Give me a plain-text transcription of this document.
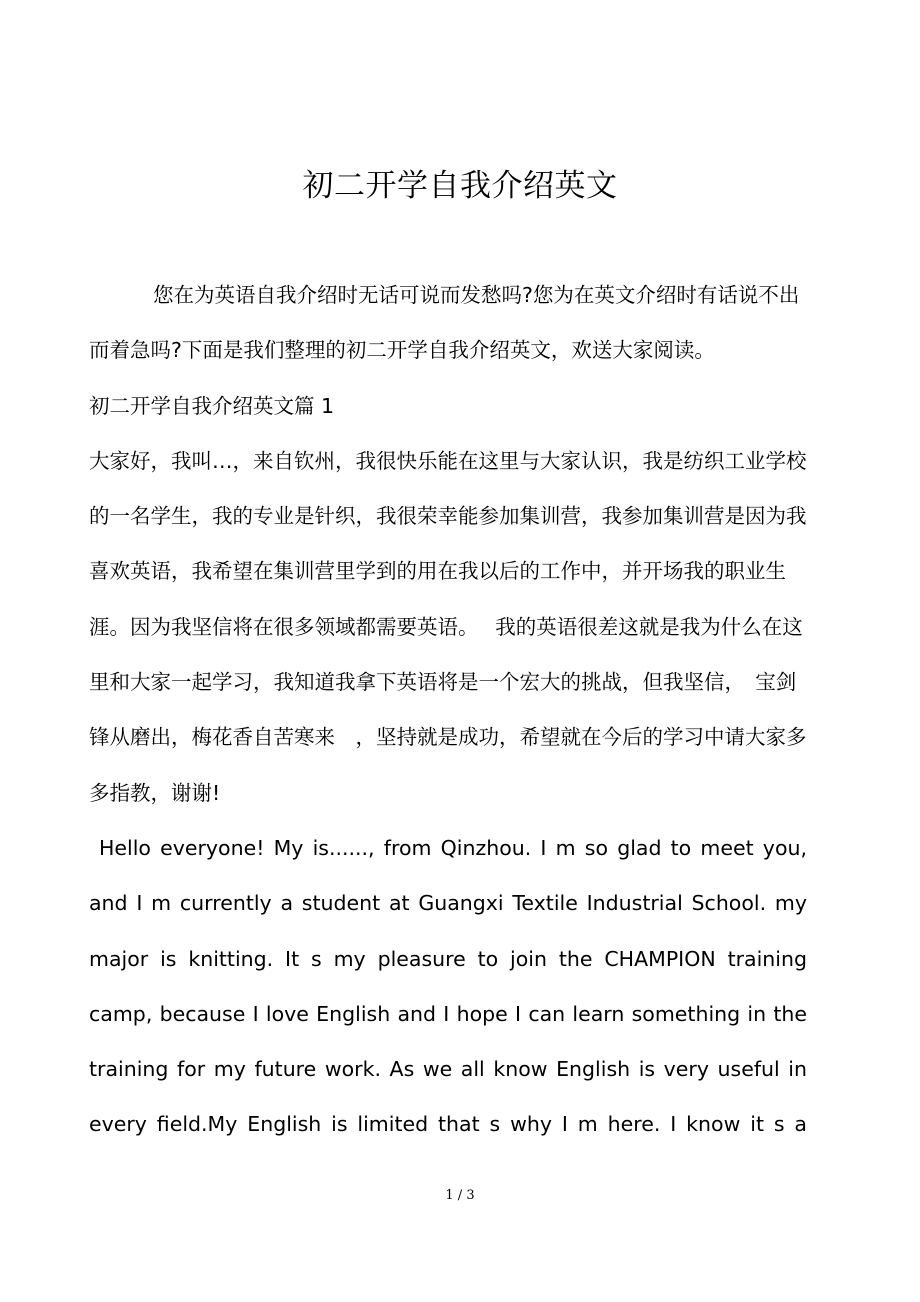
初二开学自我介绍英文

您在为英语自我介绍时无话可说而发愁吗?您为在英文介绍时有话说不出而着急吗?下面是我们整理的初二开学自我介绍英文，欢送大家阅读。

初二开学自我介绍英文篇 1

大家好，我叫…，来自钦州，我很快乐能在这里与大家认识，我是纺织工业学校的一名学生，我的专业是针织，我很荣幸能参加集训营，我参加集训营是因为我喜欢英语，我希望在集训营里学到的用在我以后的工作中，并开场我的职业生涯。因为我坚信将在很多领域都需要英语。　 我的英语很差这就是我为什么在这里和大家一起学习，我知道我拿下英语将是一个宏大的挑战，但我坚信，　宝剑锋从磨出，梅花香自苦寒来　，坚持就是成功，希望就在今后的学习中请大家多多指教，谢谢!

Hello everyone! My is......, from Qinzhou. I m so glad to meet you,
and I m currently a student at Guangxi Textile Industrial School. my
major is knitting. It s my pleasure to join the CHAMPION training
camp, because I love English and I hope I can learn something in the
training for my future work. As we all know English is very useful in
every field.My English is limited that s why I m here. I know it s a
1 / 3
